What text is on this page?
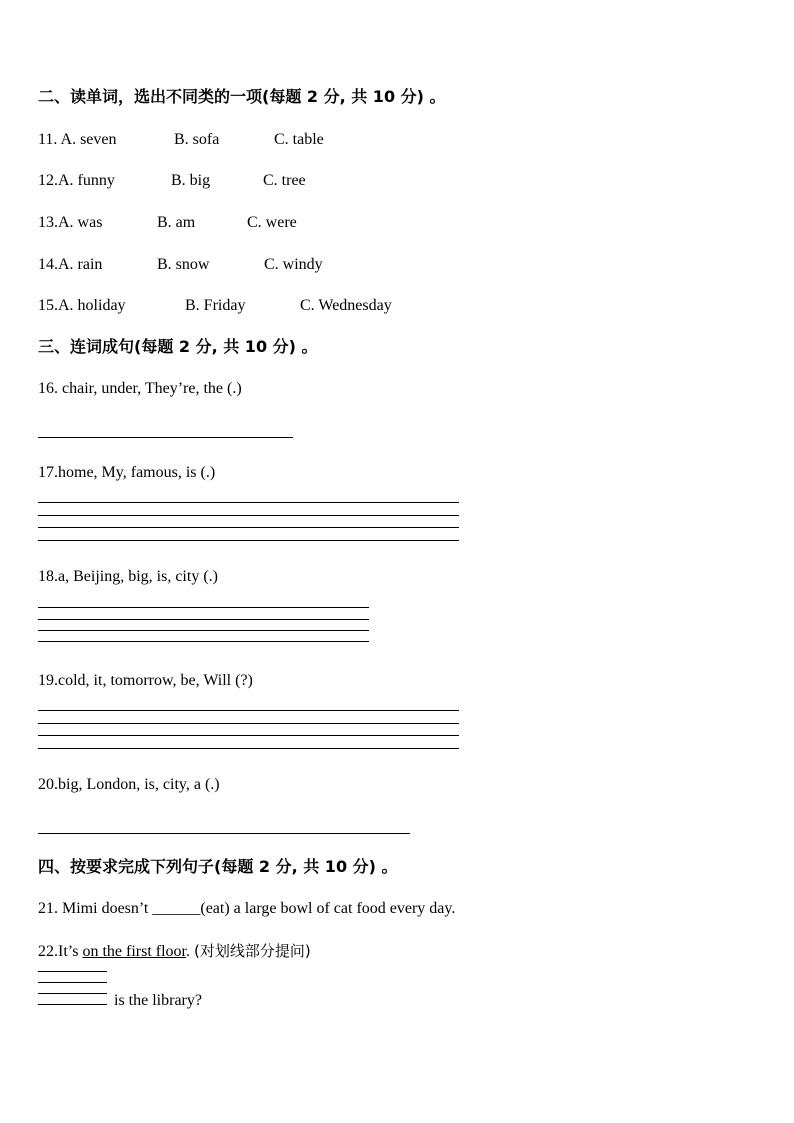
二、读单词，选出不同类的一项(每题 2 分, 共 10 分) 。
11. A. seven	B. sofa	C. table
12.A. funny	B. big	C. tree
13.A. was	B. am	C. were
14.A. rain	B. snow	C. windy
15.A. holiday	B. Friday	C. Wednesday
三、连词成句(每题 2 分, 共 10 分) 。
16. chair, under, They’re, the (.)
17.home, My, famous, is (.)
18.a, Beijing, big, is, city (.)
19.cold, it, tomorrow, be, Will (?)
20.big, London, is, city, a (.)
四、按要求完成下列句子(每题 2 分, 共 10 分) 。
21. Mimi doesn’t ______(eat) a large bowl of cat food every day.
22.It’s on the first floor. (对划线部分提问)
is the library?
